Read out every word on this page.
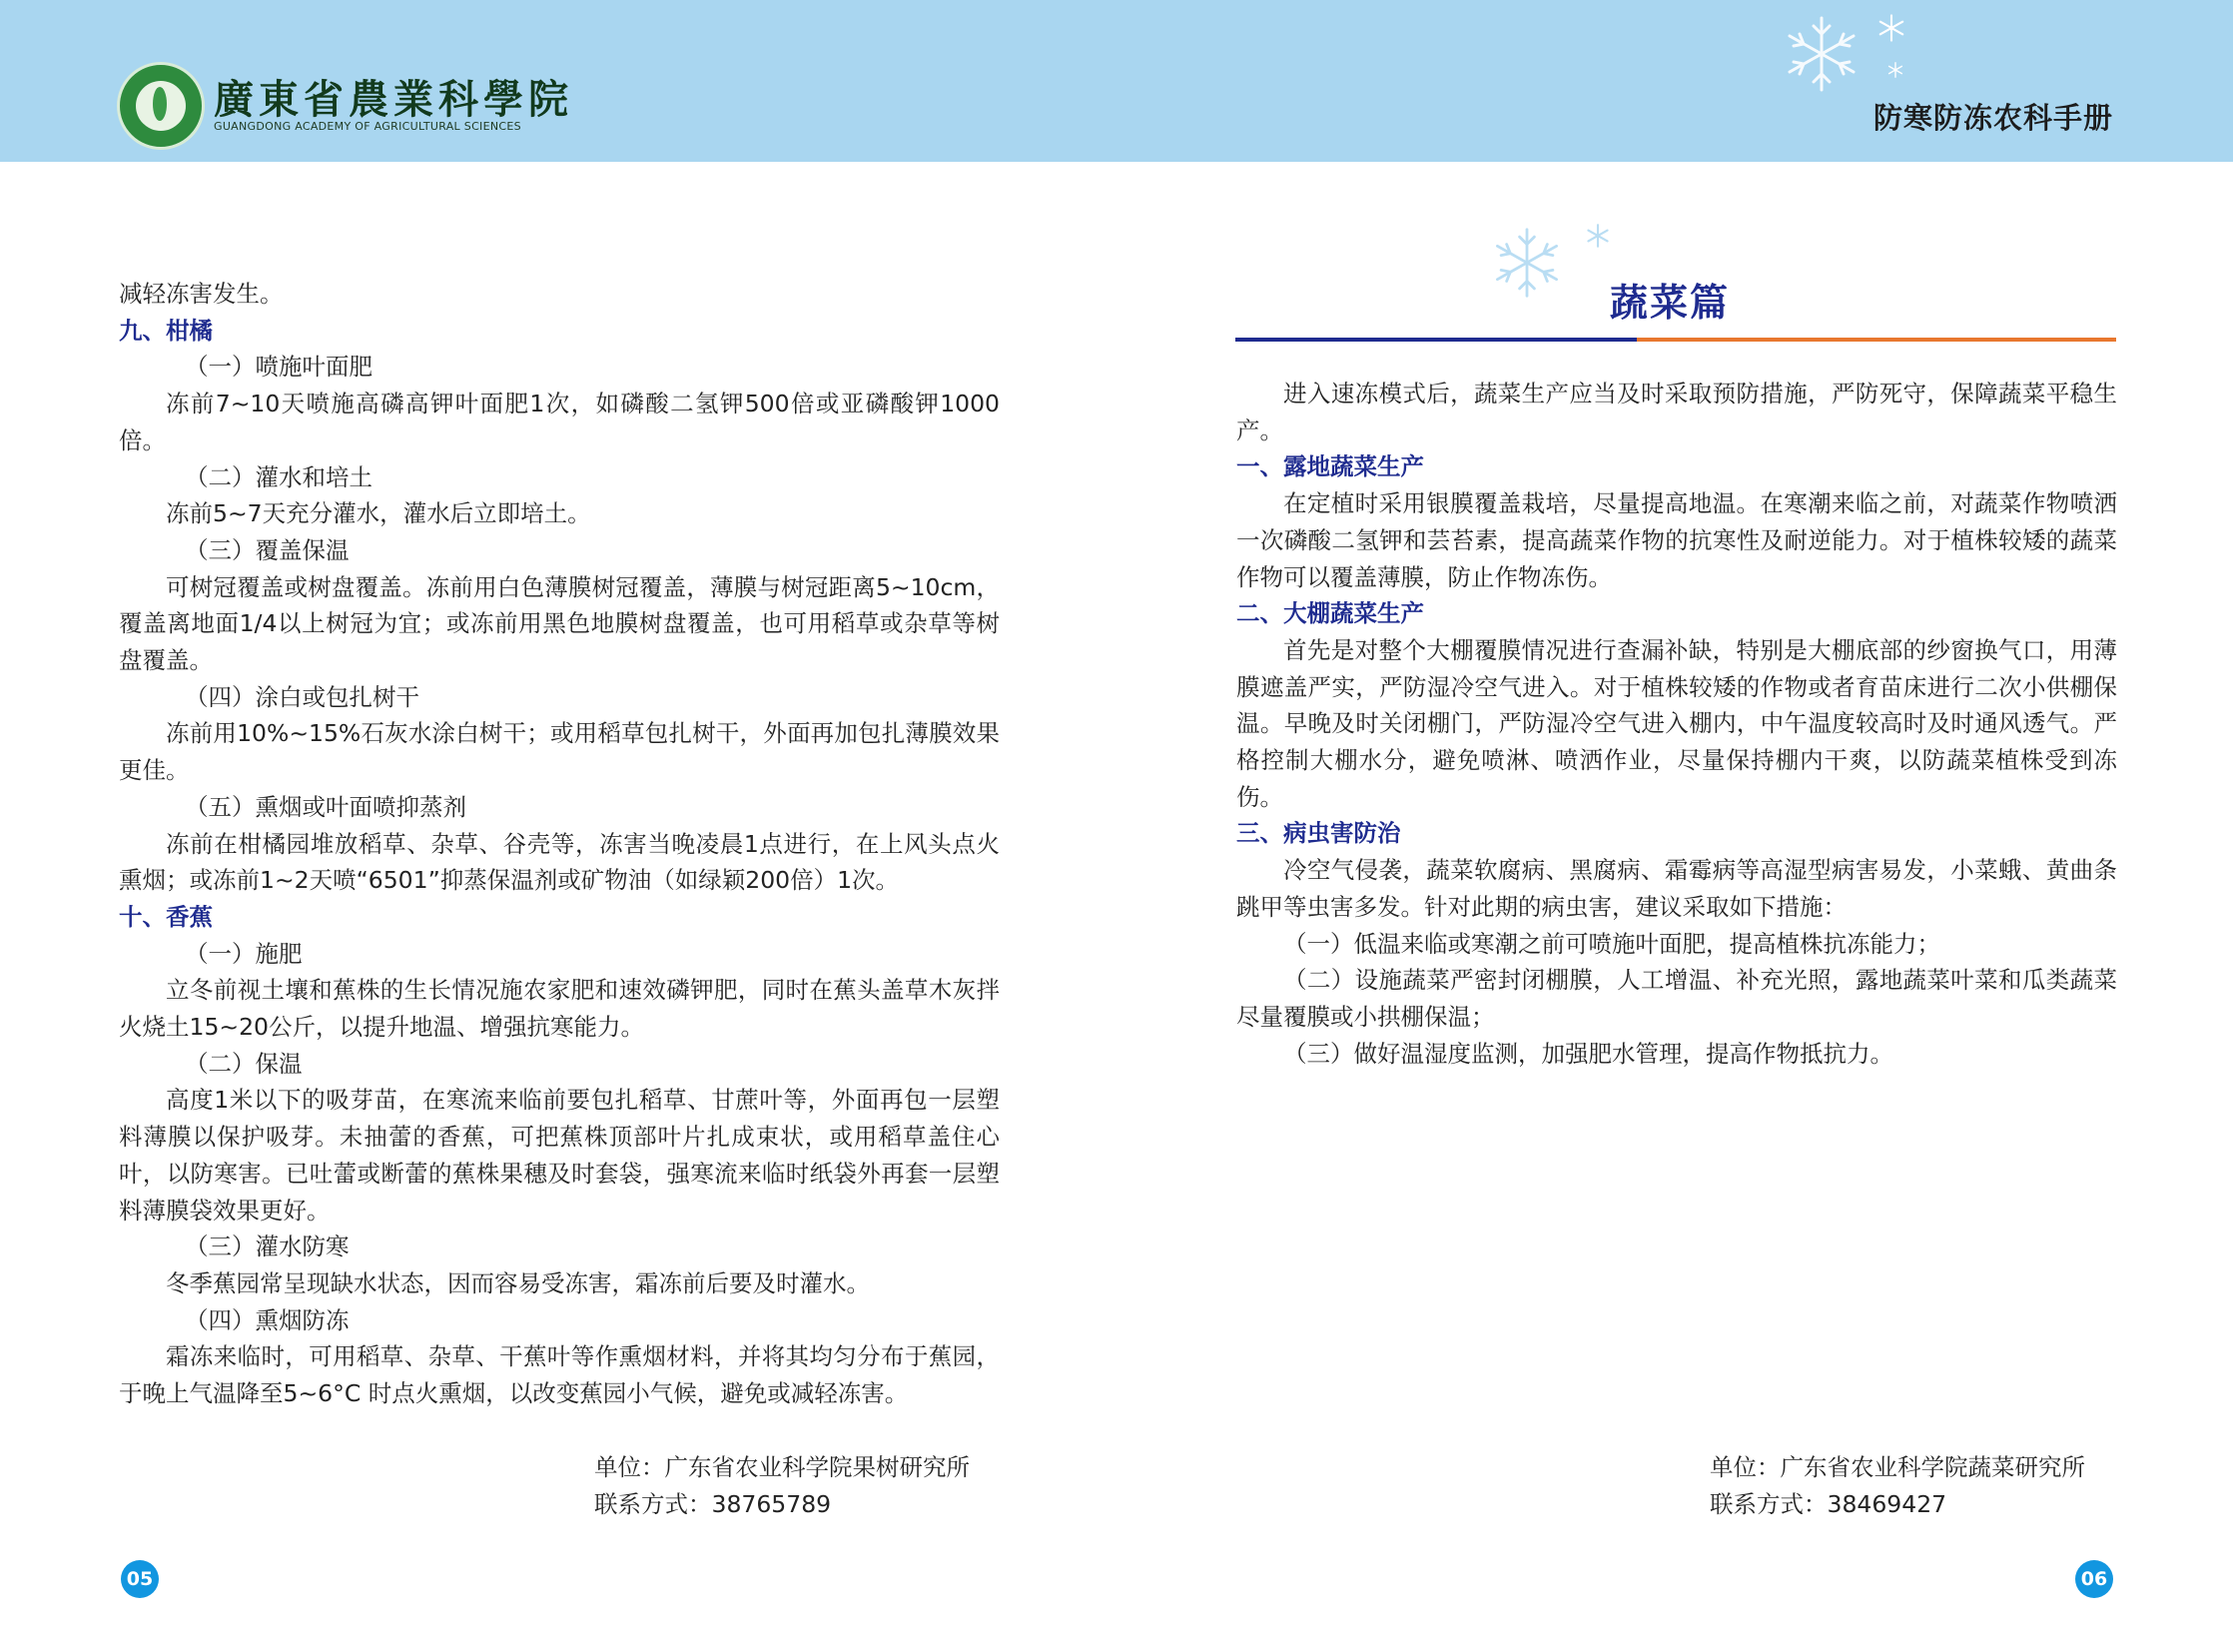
廣東省農業科學院
GUANGDONG ACADEMY OF AGRICULTURAL SCIENCES	防寒防冻农科手册
减轻冻害发生。
九、柑橘
（一）喷施叶面肥
冻前7~10天喷施高磷高钾叶面肥1次，如磷酸二氢钾500倍或亚磷酸钾1000倍。
（二）灌水和培土
冻前5~7天充分灌水，灌水后立即培土。
（三）覆盖保温
可树冠覆盖或树盘覆盖。冻前用白色薄膜树冠覆盖，薄膜与树冠距离5~10cm，覆盖离地面1/4以上树冠为宜；或冻前用黑色地膜树盘覆盖，也可用稻草或杂草等树盘覆盖。
（四）涂白或包扎树干
冻前用10%~15%石灰水涂白树干；或用稻草包扎树干，外面再加包扎薄膜效果更佳。
（五）熏烟或叶面喷抑蒸剂
冻前在柑橘园堆放稻草、杂草、谷壳等，冻害当晚凌晨1点进行，在上风头点火熏烟；或冻前1~2天喷“6501”抑蒸保温剂或矿物油（如绿颖200倍）1次。
十、香蕉
（一）施肥
立冬前视土壤和蕉株的生长情况施农家肥和速效磷钾肥，同时在蕉头盖草木灰拌火烧土15~20公斤，以提升地温、增强抗寒能力。
（二）保温
高度1米以下的吸芽苗，在寒流来临前要包扎稻草、甘蔗叶等，外面再包一层塑料薄膜以保护吸芽。未抽蕾的香蕉，可把蕉株顶部叶片扎成束状，或用稻草盖住心叶，以防寒害。已吐蕾或断蕾的蕉株果穗及时套袋，强寒流来临时纸袋外再套一层塑料薄膜袋效果更好。
（三）灌水防寒
冬季蕉园常呈现缺水状态，因而容易受冻害，霜冻前后要及时灌水。
（四）熏烟防冻
霜冻来临时，可用稻草、杂草、干蕉叶等作熏烟材料，并将其均匀分布于蕉园，于晚上气温降至5~6°C 时点火熏烟，以改变蕉园小气候，避免或减轻冻害。
单位：广东省农业科学院果树研究所
联系方式：38765789
05
蔬菜篇
进入速冻模式后，蔬菜生产应当及时采取预防措施，严防死守，保障蔬菜平稳生产。
一、露地蔬菜生产
在定植时采用银膜覆盖栽培，尽量提高地温。在寒潮来临之前，对蔬菜作物喷洒一次磷酸二氢钾和芸苔素，提高蔬菜作物的抗寒性及耐逆能力。对于植株较矮的蔬菜作物可以覆盖薄膜，防止作物冻伤。
二、大棚蔬菜生产
首先是对整个大棚覆膜情况进行查漏补缺，特别是大棚底部的纱窗换气口，用薄膜遮盖严实，严防湿冷空气进入。对于植株较矮的作物或者育苗床进行二次小供棚保温。早晚及时关闭棚门，严防湿冷空气进入棚内，中午温度较高时及时通风透气。严格控制大棚水分，避免喷淋、喷洒作业，尽量保持棚内干爽，以防蔬菜植株受到冻伤。
三、病虫害防治
冷空气侵袭，蔬菜软腐病、黑腐病、霜霉病等高湿型病害易发，小菜蛾、黄曲条跳甲等虫害多发。针对此期的病虫害，建议采取如下措施：
（一）低温来临或寒潮之前可喷施叶面肥，提高植株抗冻能力；
（二）设施蔬菜严密封闭棚膜，人工增温、补充光照，露地蔬菜叶菜和瓜类蔬菜尽量覆膜或小拱棚保温；
（三）做好温湿度监测，加强肥水管理，提高作物抵抗力。
单位：广东省农业科学院蔬菜研究所
联系方式：38469427
06
